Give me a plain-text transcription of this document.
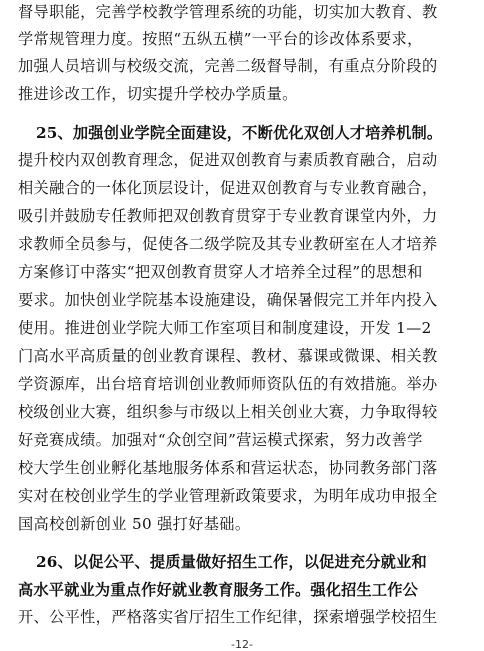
督导职能，完善学校教学管理系统的功能，切实加大教育、教
学常规管理力度。按照“五纵五横”一平台的诊改体系要求，
加强人员培训与校级交流，完善二级督导制，有重点分阶段的
推进诊改工作，切实提升学校办学质量。
25、加强创业学院全面建设，不断优化双创人才培养机制。
提升校内双创教育理念，促进双创教育与素质教育融合，启动
相关融合的一体化顶层设计，促进双创教育与专业教育融合，
吸引并鼓励专任教师把双创教育贯穿于专业教育课堂内外，力
求教师全员参与，促使各二级学院及其专业教研室在人才培养
方案修订中落实“把双创教育贯穿人才培养全过程”的思想和
要求。加快创业学院基本设施建设，确保暑假完工并年内投入
使用。推进创业学院大师工作室项目和制度建设，开发 1—2
门高水平高质量的创业教育课程、教材、慕课或微课、相关教
学资源库，出台培育培训创业教师师资队伍的有效措施。举办
校级创业大赛，组织参与市级以上相关创业大赛，力争取得较
好竞赛成绩。加强对“众创空间”营运模式探索，努力改善学
校大学生创业孵化基地服务体系和营运状态，协同教务部门落
实对在校创业学生的学业管理新政策要求，为明年成功申报全
国高校创新创业 50 强打好基础。
26、以促公平、提质量做好招生工作，以促进充分就业和
高水平就业为重点作好就业教育服务工作。强化招生工作公
开、公平性，严格落实省厅招生工作纪律，探索增强学校招生
-12-
